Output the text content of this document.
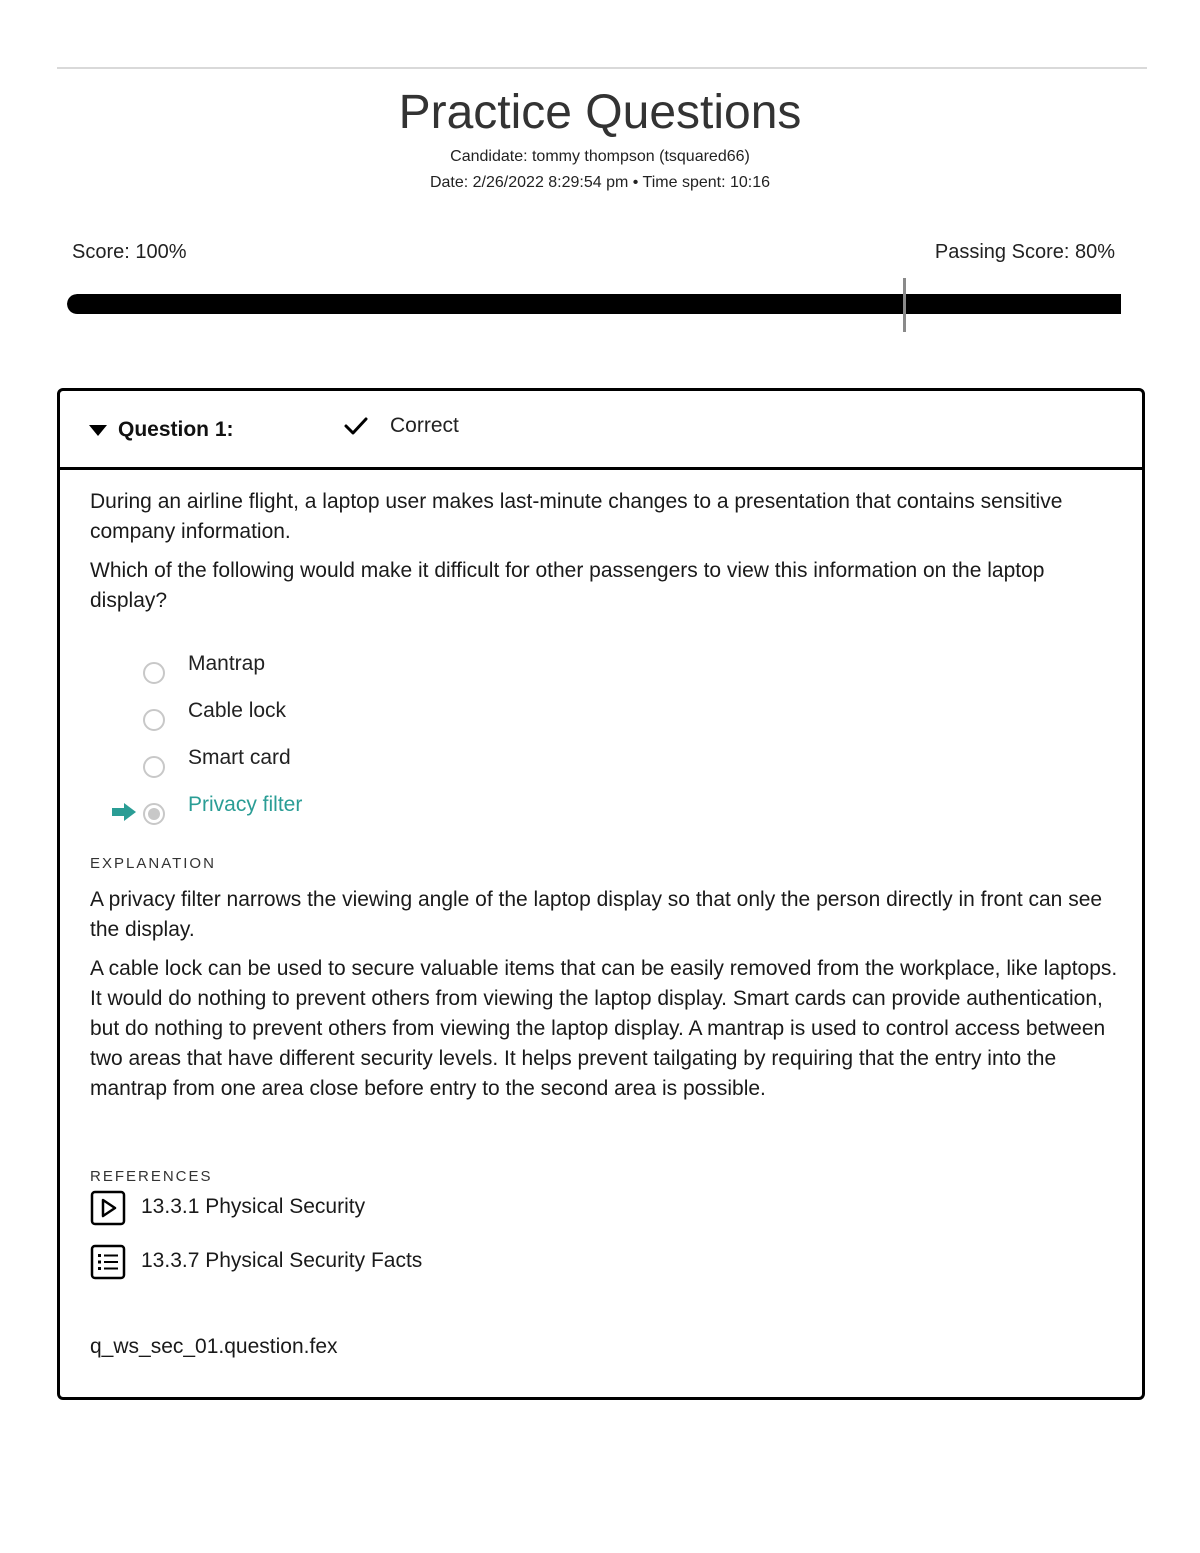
Practice Questions
Candidate: tommy thompson (tsquared66)
Date: 2/26/2022 8:29:54 pm • Time spent: 10:16
Score: 100%	Passing Score: 80%
Question 1:	Correct

During an airline flight, a laptop user makes last-minute changes to a presentation that contains sensitive company information.

Which of the following would make it difficult for other passengers to view this information on the laptop display?

Mantrap
Cable lock
Smart card
Privacy filter

EXPLANATION

A privacy filter narrows the viewing angle of the laptop display so that only the person directly in front can see the display.

A cable lock can be used to secure valuable items that can be easily removed from the workplace, like laptops. It would do nothing to prevent others from viewing the laptop display. Smart cards can provide authentication, but do nothing to prevent others from viewing the laptop display. A mantrap is used to control access between two areas that have different security levels. It helps prevent tailgating by requiring that the entry into the mantrap from one area close before entry to the second area is possible.

REFERENCES

13.3.1 Physical Security
13.3.7 Physical Security Facts
q_ws_sec_01.question.fex
